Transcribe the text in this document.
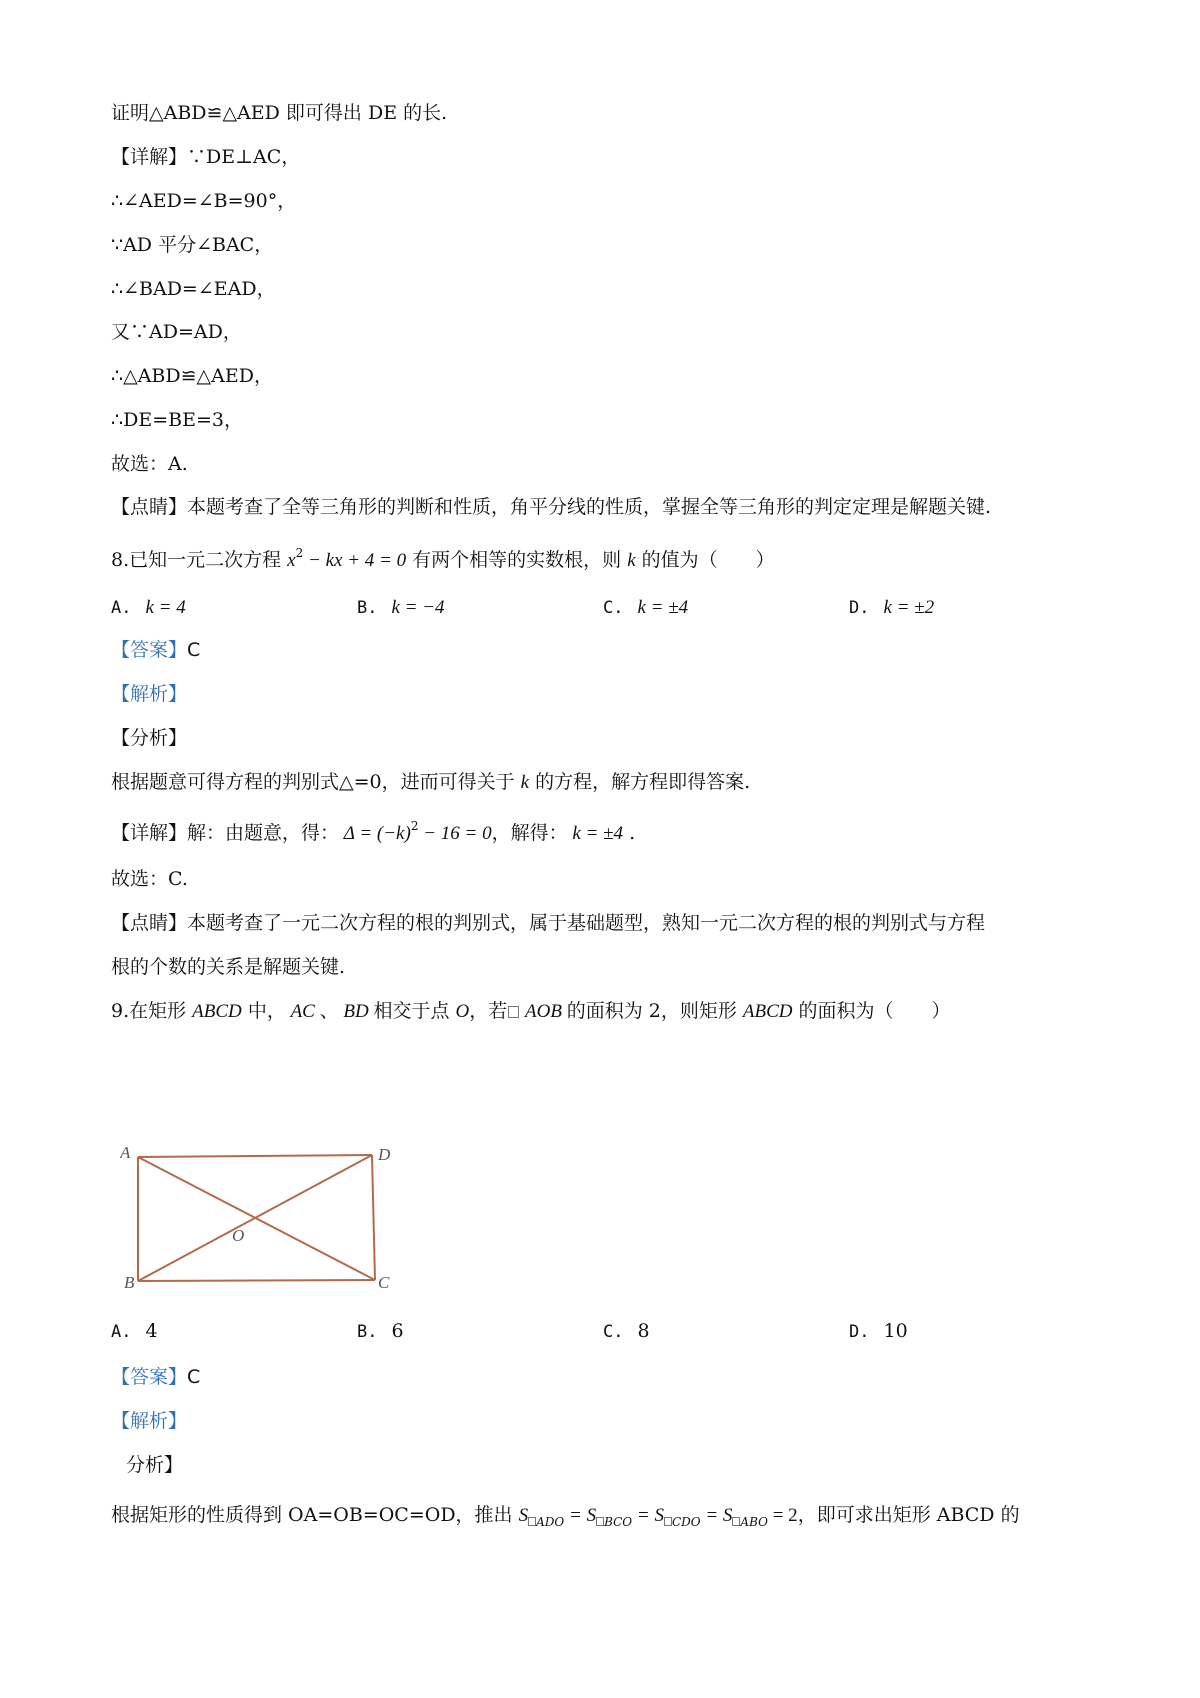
证明△ABD≌△AED 即可得出 DE 的长.
【详解】∵DE⊥AC，
∴∠AED=∠B=90°，
∵AD 平分∠BAC，
∴∠BAD=∠EAD，
又∵AD=AD，
∴△ABD≌△AED，
∴DE=BE=3，
故选：A.
【点睛】本题考查了全等三角形的判断和性质，角平分线的性质，掌握全等三角形的判定定理是解题关键.
8.已知一元二次方程 $x^2$ − kx + 4 = 0 有两个相等的实数根，则 k 的值为（　　）
A. k = 4	B. k = −4	C. k = ±4	D. k = ±2
【答案】C
【解析】
【分析】
根据题意可得方程的判别式△=0，进而可得关于 k 的方程，解方程即得答案.
【详解】解：由题意，得： $\Delta = (-k)^2 - 16 = 0$，解得： k = ±4 .
故选：C.
【点睛】本题考查了一元二次方程的根的判别式，属于基础题型，熟知一元二次方程的根的判别式与方程
根的个数的关系是解题关键.
9.在矩形 ABCD 中， AC 、 BD 相交于点 O，若 AOB 的面积为 2，则矩形 ABCD 的面积为（　　）
A	D
B	C
O
A. 4	B. 6	C. 8	D. 10
【答案】C
【解析】
分析】
根据矩形的性质得到 OA=OB=OC=OD，推出 S $_{ADO}$ = S $_{BCO}$ = S $_{CDO}$ = S $_{ABO}$ = 2，即可求出矩形 ABCD 的
